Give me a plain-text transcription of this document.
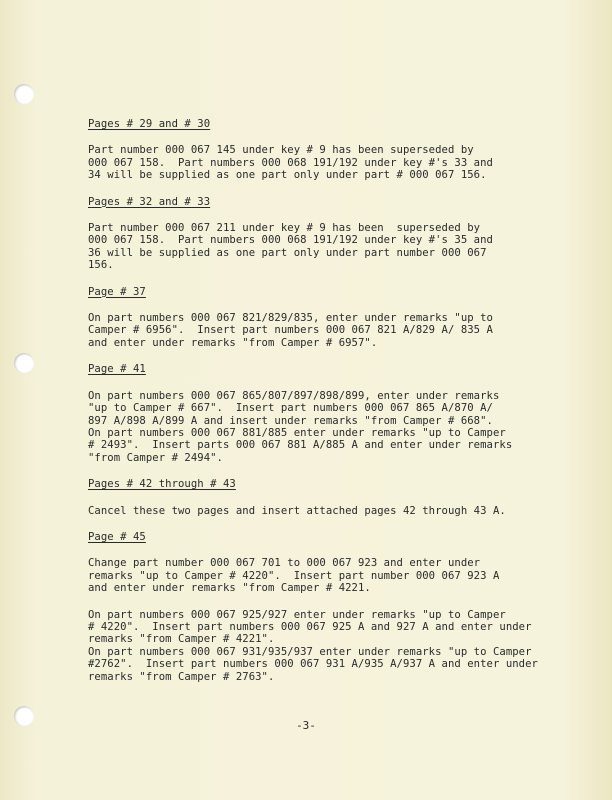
Pages # 29 and # 30
Part number 000 067 145 under key # 9 has been superseded by
000 067 158.  Part numbers 000 068 191/192 under key #'s 33 and
34 will be supplied as one part only under part # 000 067 156.
Pages # 32 and # 33
Part number 000 067 211 under key # 9 has been  superseded by
000 067 158.  Part numbers 000 068 191/192 under key #'s 35 and
36 will be supplied as one part only under part number 000 067
156.
Page # 37
On part numbers 000 067 821/829/835, enter under remarks "up to
Camper # 6956".  Insert part numbers 000 067 821 A/829 A/ 835 A
and enter under remarks "from Camper # 6957".
Page # 41
On part numbers 000 067 865/807/897/898/899, enter under remarks
"up to Camper # 667".  Insert part numbers 000 067 865 A/870 A/
897 A/898 A/899 A and insert under remarks "from Camper # 668".
On part numbers 000 067 881/885 enter under remarks "up to Camper
# 2493".  Insert parts 000 067 881 A/885 A and enter under remarks
"from Camper # 2494".
Pages # 42 through # 43
Cancel these two pages and insert attached pages 42 through 43 A.
Page # 45
Change part number 000 067 701 to 000 067 923 and enter under
remarks "up to Camper # 4220".  Insert part number 000 067 923 A
and enter under remarks "from Camper # 4221.
On part numbers 000 067 925/927 enter under remarks "up to Camper
# 4220".  Insert part numbers 000 067 925 A and 927 A and enter under
remarks "from Camper # 4221".
On part numbers 000 067 931/935/937 enter under remarks "up to Camper
#2762".  Insert part numbers 000 067 931 A/935 A/937 A and enter under
remarks "from Camper # 2763".
-3-
